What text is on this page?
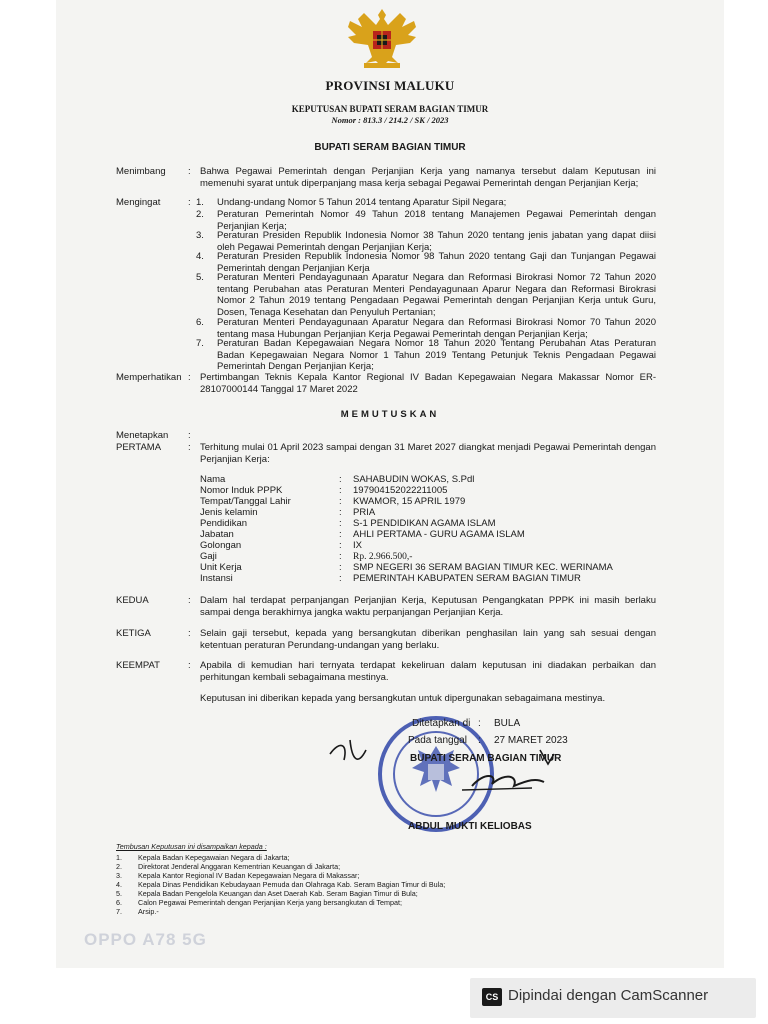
PROVINSI MALUKU
KEPUTUSAN BUPATI SERAM BAGIAN TIMUR
Nomor : 813.3 / 214.2 / SK / 2023
BUPATI SERAM BAGIAN TIMUR
Menimbang : Bahwa Pegawai Pemerintah dengan Perjanjian Kerja yang namanya tersebut dalam Keputusan ini memenuhi syarat untuk diperpanjang masa kerja sebagai Pegawai Pemerintah dengan Perjanjian Kerja;
Mengingat	: 1. Undang-undang Nomor 5 Tahun 2014 tentang Aparatur Sipil Negara;
2. Peraturan Pemerintah Nomor 49 Tahun 2018 tentang Manajemen Pegawai Pemerintah dengan Perjanjian Kerja;
3. Peraturan Presiden Republik Indonesia Nomor 38 Tahun 2020 tentang jenis jabatan yang dapat diisi oleh Pegawai Pemerintah dengan Perjanjian Kerja;
4. Peraturan Presiden Republik Indonesia Nomor 98 Tahun 2020 tentang Gaji dan Tunjangan Pegawai Pemerintah dengan Perjanjian Kerja
5. Peraturan Menteri Pendayagunaan Aparatur Negara dan Reformasi Birokrasi Nomor 72 Tahun 2020 tentang Perubahan atas Peraturan Menteri Pendayagunaan Aparur Negara dan Reformasi Birokrasi Nomor 2 Tahun 2019 tentang Pengadaan Pegawai Pemerintah dengan Perjanjian Kerja untuk Guru, Dosen, Tenaga Kesehatan dan Penyuluh Pertanian;
6. Peraturan Menteri Pendayagunaan Aparatur Negara dan Reformasi Birokrasi Nomor 70 Tahun 2020 tentang masa Hubungan Perjanjian Kerja Pegawai Pemerintah dengan Perjanjian Kerja;
7. Peraturan Badan Kepegawaian Negara Nomor 18 Tahun 2020 Tentang Perubahan Atas Peraturan Badan Kepegawaian Negara Nomor 1 Tahun 2019 Tentang Petunjuk Teknis Pengadaan Pegawai Pemerintah Dengan Perjanjian Kerja;
Memperhatikan : Pertimbangan Teknis Kepala Kantor Regional IV Badan Kepegawaian Negara Makassar Nomor ER-28107000144 Tanggal 17 Maret 2022
MEMUTUSKAN
Menetapkan :
PERTAMA	: Terhitung mulai 01 April 2023 sampai dengan 31 Maret 2027 diangkat menjadi Pegawai Pemerintah dengan Perjanjian Kerja:
Nama	: SAHABUDIN WOKAS, S.Pdl
Nomor Induk PPPK	: 197904152022211005
Tempat/Tanggal Lahir	: KWAMOR, 15 APRIL 1979
Jenis kelamin	: PRIA
Pendidikan	: S-1 PENDIDIKAN AGAMA ISLAM
Jabatan	: AHLI PERTAMA - GURU AGAMA ISLAM
Golongan	: IX
Gaji	: Rp. 2.966.500,-
Unit Kerja	: SMP NEGERI 36 SERAM BAGIAN TIMUR KEC. WERINAMA
Instansi	: PEMERINTAH KABUPATEN SERAM BAGIAN TIMUR
KEDUA	: Dalam hal terdapat perpanjangan Perjanjian Kerja, Keputusan Pengangkatan PPPK ini masih berlaku sampai denga berakhirnya jangka waktu perpanjangan Perjanjian Kerja.
KETIGA	: Selain gaji tersebut, kepada yang bersangkutan diberikan penghasilan lain yang sah sesuai dengan ketentuan peraturan Perundang-undangan yang berlaku.
KEEMPAT	: Apabila di kemudian hari ternyata terdapat kekeliruan dalam keputusan ini diadakan perbaikan dan perhitungan kembali sebagaimana mestinya.
Keputusan ini diberikan kepada yang bersangkutan untuk dipergunakan sebagaimana mestinya.
Ditetapkan di : BULA
Pada tanggal : 27 MARET 2023
BUPATI SERAM BAGIAN TIMUR
ABDUL MUKTI KELIOBAS
Tembusan Keputusan ini disampaikan kepada :
1. Kepala Badan Kepegawaian Negara di Jakarta;
2. Direktorat Jenderal Anggaran Kementrian Keuangan di Jakarta;
3. Kepala Kantor Regional IV Badan Kepegawaian Negara di Makassar;
4. Kepala Dinas Pendidikan Kebudayaan Pemuda dan Olahraga Kab. Seram Bagian Timur di Bula;
5. Kepala Badan Pengelola Keuangan dan Aset Daerah Kab. Seram Bagian Timur di Bula;
6. Calon Pegawai Pemerintah dengan Perjanjian Kerja yang bersangkutan di Tempat;
7. Arsip.-
OPPO A78 5G
CS Dipindai dengan CamScanner
